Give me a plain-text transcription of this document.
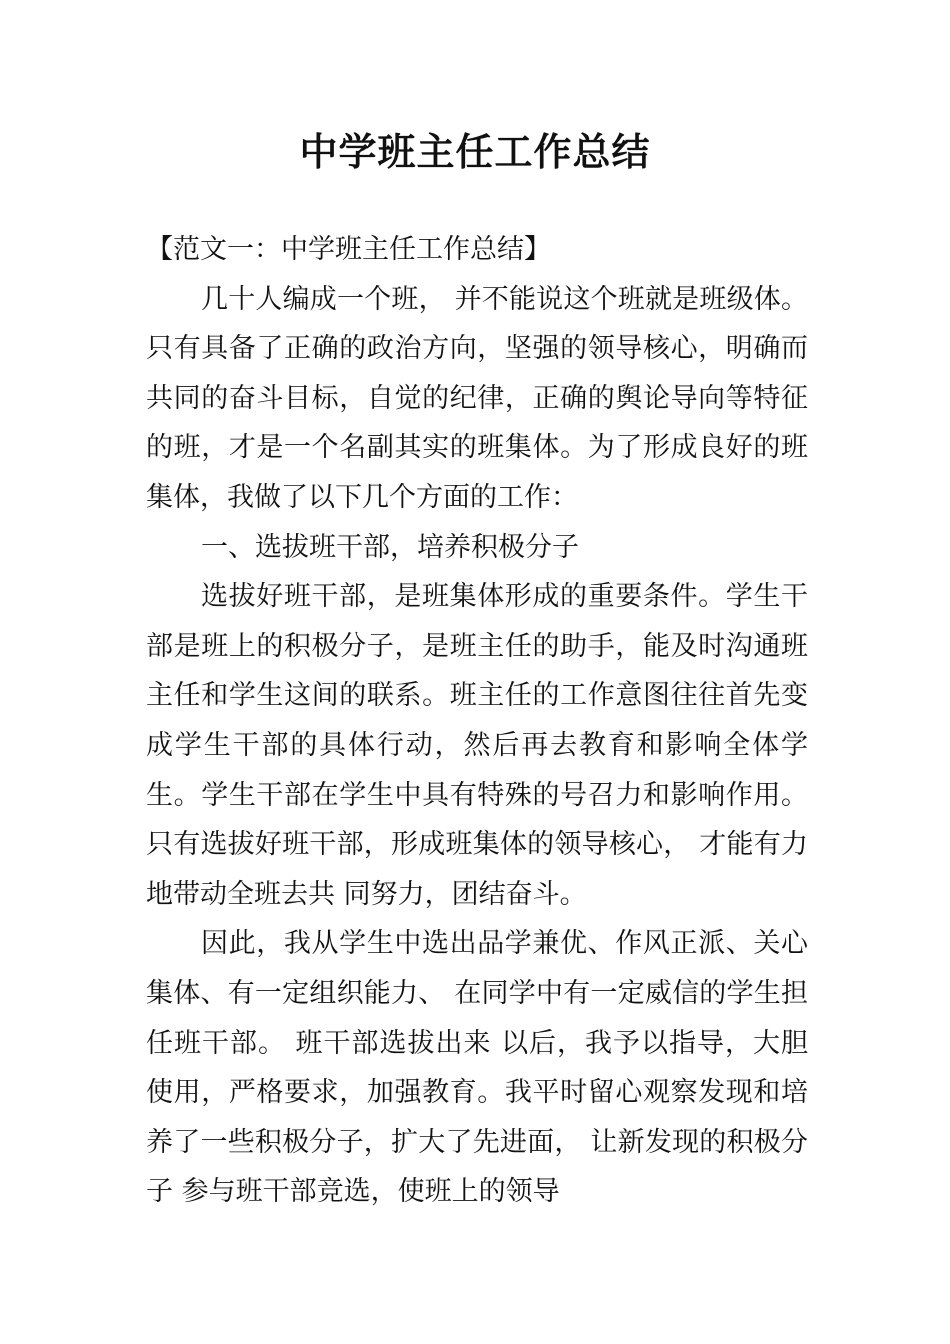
中学班主任工作总结

【范文一：中学班主任工作总结】

几十人编成一个班， 并不能说这个班就是班级体。只有具备了正确的政治方向，坚强的领导核心，明确而共同的奋斗目标，自觉的纪律，正确的舆论导向等特征的班，才是一个名副其实的班集体。为了形成良好的班集体，我做了以下几个方面的工作：

一、选拔班干部，培养积极分子

选拔好班干部，是班集体形成的重要条件。学生干部是班上的积极分子，是班主任的助手，能及时沟通班主任和学生这间的联系。班主任的工作意图往往首先变成学生干部的具体行动，然后再去教育和影响全体学生。学生干部在学生中具有特殊的号召力和影响作用。 只有选拔好班干部，形成班集体的领导核心， 才能有力地带动全班去共 同努力，团结奋斗。

因此，我从学生中选出品学兼优、作风正派、关心集体、有一定组织能力、 在同学中有一定威信的学生担任班干部。 班干部选拔出来 以后，我予以指导，大胆使用，严格要求，加强教育。我平时留心观察发现和培养了一些积极分子，扩大了先进面， 让新发现的积极分子 参与班干部竞选，使班上的领导
